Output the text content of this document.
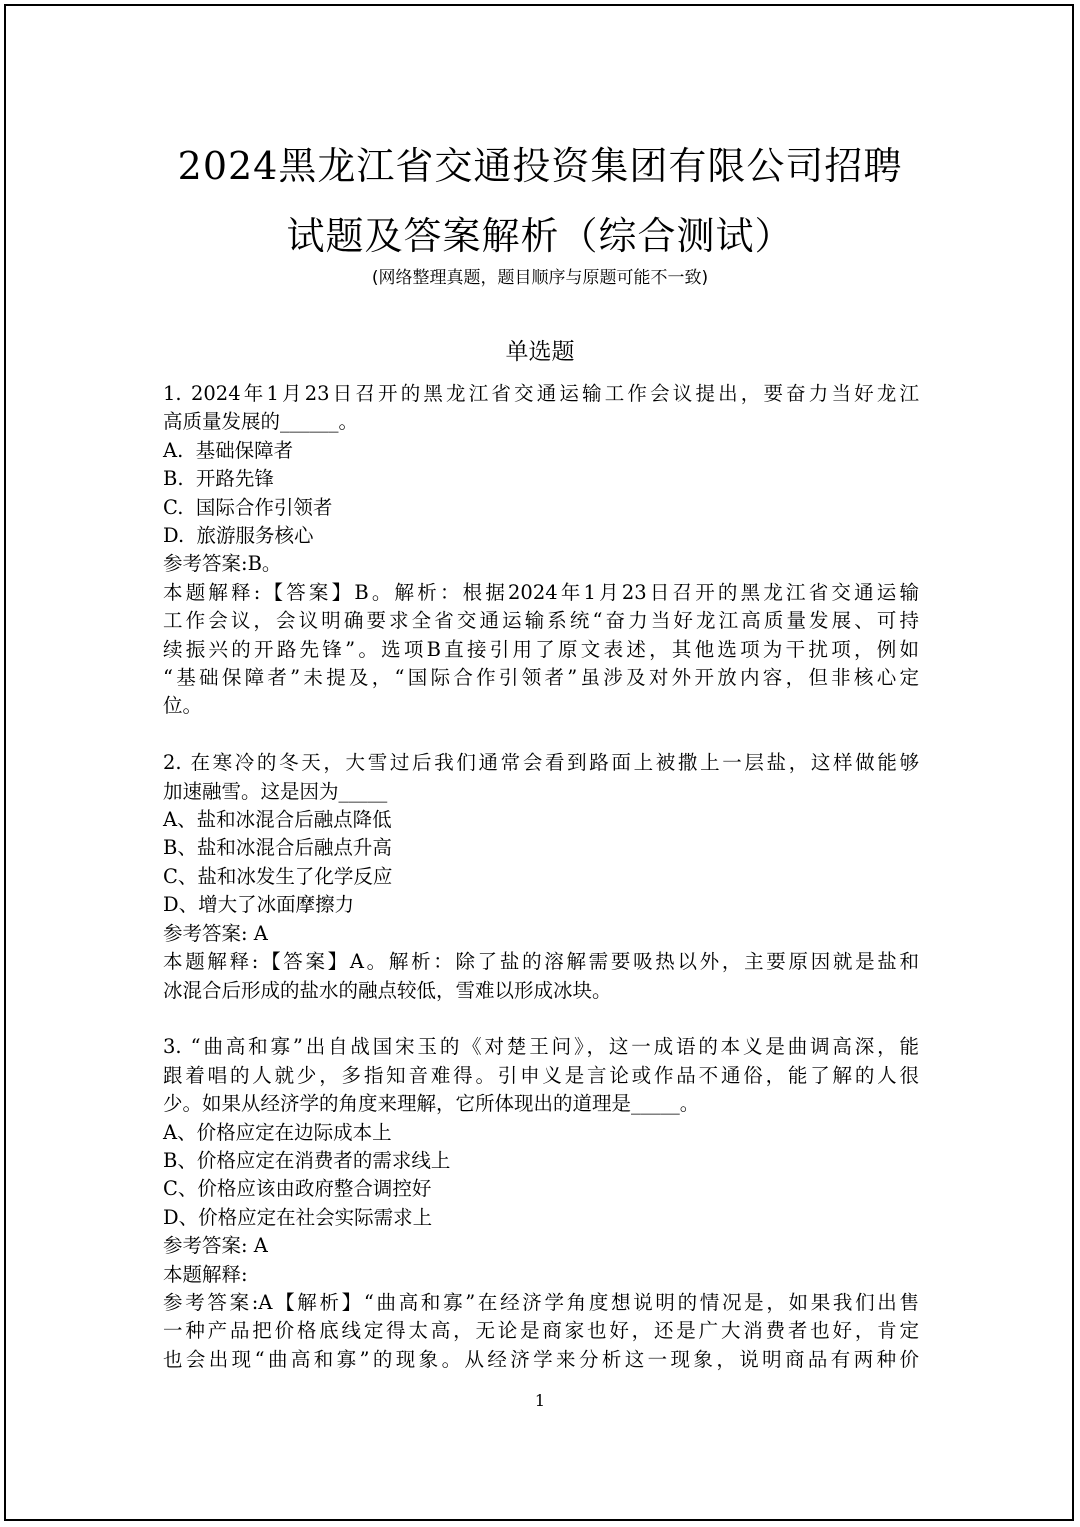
2024黑龙江省交通投资集团有限公司招聘
试题及答案解析（综合测试）
(网络整理真题，题目顺序与原题可能不一致)
单选题

1. 2024年1月23日召开的黑龙江省交通运输工作会议提出，要奋力当好龙江

高质量发展的______。

A.  基础保障者

B.  开路先锋

C.  国际合作引领者

D.  旅游服务核心

参考答案:B。

本题解释:【答案】B。解析：根据2024年1月23日召开的黑龙江省交通运输

工作会议，会议明确要求全省交通运输系统“奋力当好龙江高质量发展、可持

续振兴的开路先锋”。选项B直接引用了原文表述，其他选项为干扰项，例如

“基础保障者”未提及，“国际合作引领者”虽涉及对外开放内容，但非核心定

位。

2. 在寒冷的冬天，大雪过后我们通常会看到路面上被撒上一层盐，这样做能够

加速融雪。这是因为_____

A、盐和冰混合后融点降低

B、盐和冰混合后融点升高

C、盐和冰发生了化学反应

D、增大了冰面摩擦力

参考答案: A

本题解释:【答案】A。解析：除了盐的溶解需要吸热以外，主要原因就是盐和

冰混合后形成的盐水的融点较低，雪难以形成冰块。

3. “曲高和寡”出自战国宋玉的《对楚王问》，这一成语的本义是曲调高深，能

跟着唱的人就少，多指知音难得。引申义是言论或作品不通俗，能了解的人很

少。如果从经济学的角度来理解，它所体现出的道理是_____。

A、价格应定在边际成本上

B、价格应定在消费者的需求线上

C、价格应该由政府整合调控好

D、价格应定在社会实际需求上

参考答案: A

本题解释:

参考答案:A【解析】“曲高和寡”在经济学角度想说明的情况是，如果我们出售

一种产品把价格底线定得太高，无论是商家也好，还是广大消费者也好，肯定

也会出现“曲高和寡”的现象。从经济学来分析这一现象，说明商品有两种价

1
